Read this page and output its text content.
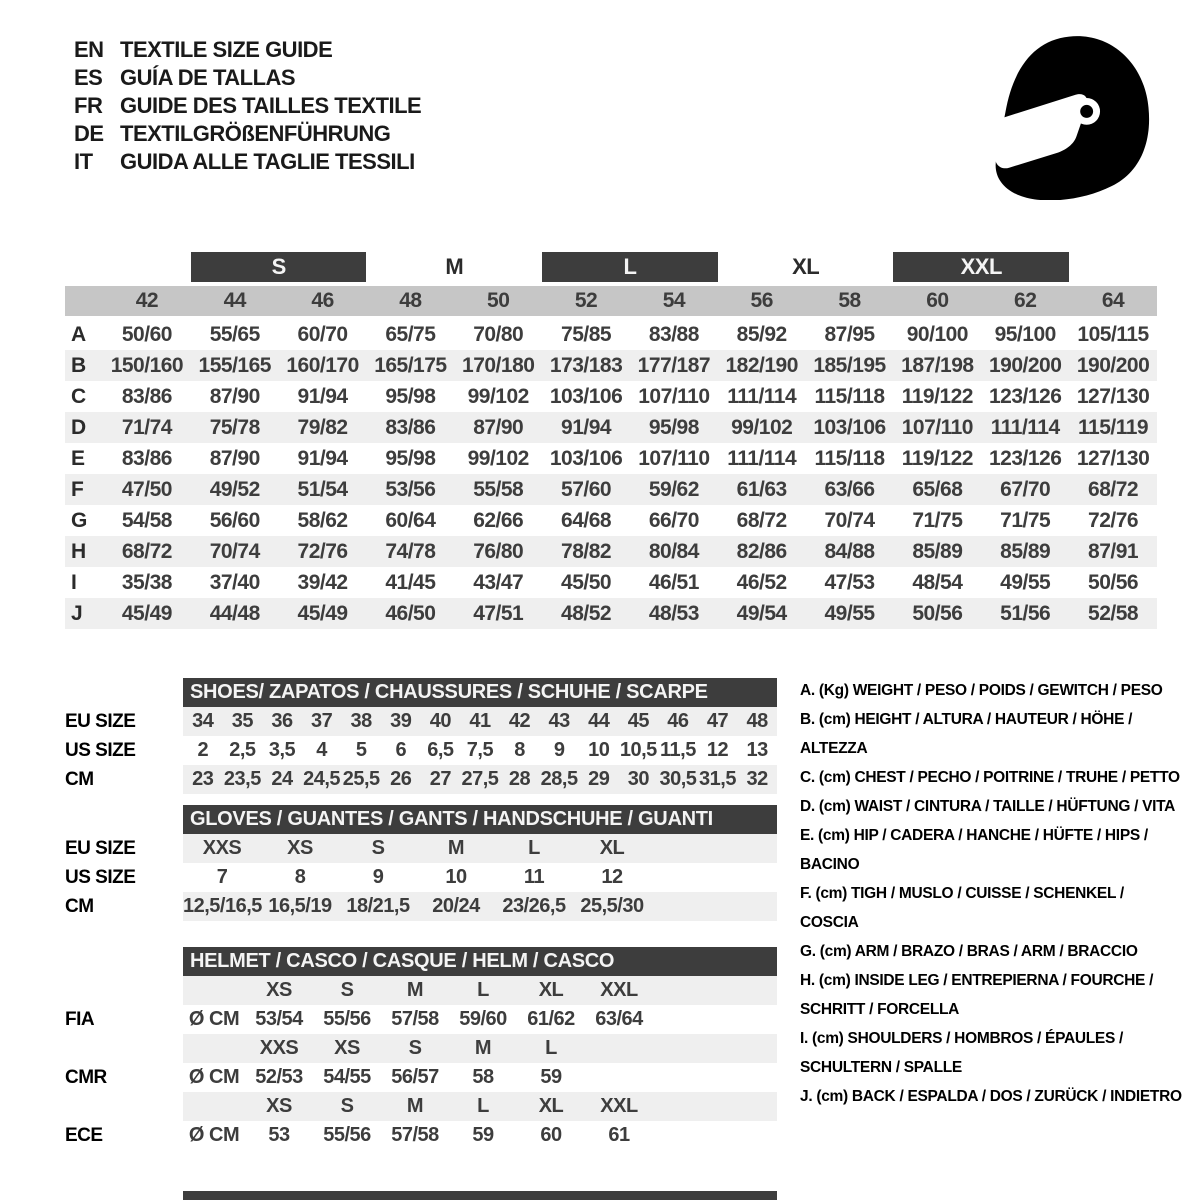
EN TEXTILE SIZE GUIDE
ES GUÍA DE TALLAS
FR GUIDE DES TAILLES TEXTILE
DE TEXTILGRÖßENFÜHRUNG
IT	GUIDA ALLE TAGLIE TESSILI
		S		M		L		XL		XXL		
	42	44	46	48	50	52	54	56	58	60	62	64
A	50/60	55/65	60/70	65/75	70/80	75/85	83/88	85/92	87/95	90/100	95/100	105/115
B	150/160	155/165	160/170	165/175	170/180	173/183	177/187	182/190	185/195	187/198	190/200	190/200
C	83/86	87/90	91/94	95/98	99/102	103/106	107/110	111/114	115/118	119/122	123/126	127/130
D	71/74	75/78	79/82	83/86	87/90	91/94	95/98	99/102	103/106	107/110	111/114	115/119
E	83/86	87/90	91/94	95/98	99/102	103/106	107/110	111/114	115/118	119/122	123/126	127/130
F	47/50	49/52	51/54	53/56	55/58	57/60	59/62	61/63	63/66	65/68	67/70	68/72
G	54/58	56/60	58/62	60/64	62/66	64/68	66/70	68/72	70/74	71/75	71/75	72/76
H	68/72	70/74	72/76	74/78	76/80	78/82	80/84	82/86	84/88	85/89	85/89	87/91
I	35/38	37/40	39/42	41/45	43/47	45/50	46/51	46/52	47/53	48/54	49/55	50/56
J	45/49	44/48	45/49	46/50	47/51	48/52	48/53	49/54	49/55	50/56	51/56	52/58
SHOES/ ZAPATOS / CHAUSSURES / SCHUHE / SCARPE
EU SIZE	34 35 36 37 38 39 40 41 42 43 44 45 46 47 48
US SIZE	2	2,5 3,5	4	5	6	6,5 7,5	8	9	10 10,5 11,5 12 13
CM	23 23,5 24 24,5 25,5 26 27 27,5 28 28,5 29 30 30,5 31,5 32
GLOVES / GUANTES / GANTS / HANDSCHUHE / GUANTI
EU SIZE	XXS	XS	S	M	L	XL
US SIZE	7	8	9	10	11	12
CM	12,5/16,5 16,5/19 18/21,5	20/24	23/26,5 25,5/30
HELMET / CASCO / CASQUE / HELM / CASCO
XS	S	M	L	XL	XXL
FIA	Ø CM 53/54	55/56	57/58	59/60	61/62	63/64
XXS	XS	S	M	L
CMR	Ø CM 52/53	54/55	56/57	58	59
XS	S	M	L	XL	XXL
ECE	Ø CM	53	55/56	57/58	59	60	61
A. (Kg) WEIGHT / PESO / POIDS / GEWITCH / PESO
B. (cm) HEIGHT / ALTURA / HAUTEUR / HÖHE / ALTEZZA
C. (cm) CHEST / PECHO / POITRINE / TRUHE / PETTO
D. (cm) WAIST / CINTURA / TAILLE / HÜFTUNG / VITA
E. (cm) HIP / CADERA / HANCHE / HÜFTE / HIPS / BACINO
F. (cm) TIGH / MUSLO / CUISSE / SCHENKEL / COSCIA
G. (cm) ARM / BRAZO / BRAS / ARM / BRACCIO
H. (cm) INSIDE LEG / ENTREPIERNA / FOURCHE / SCHRITT / FORCELLA
I. (cm) SHOULDERS / HOMBROS / ÉPAULES / SCHULTERN / SPALLE
J. (cm) BACK / ESPALDA / DOS / ZURÜCK / INDIETRO
